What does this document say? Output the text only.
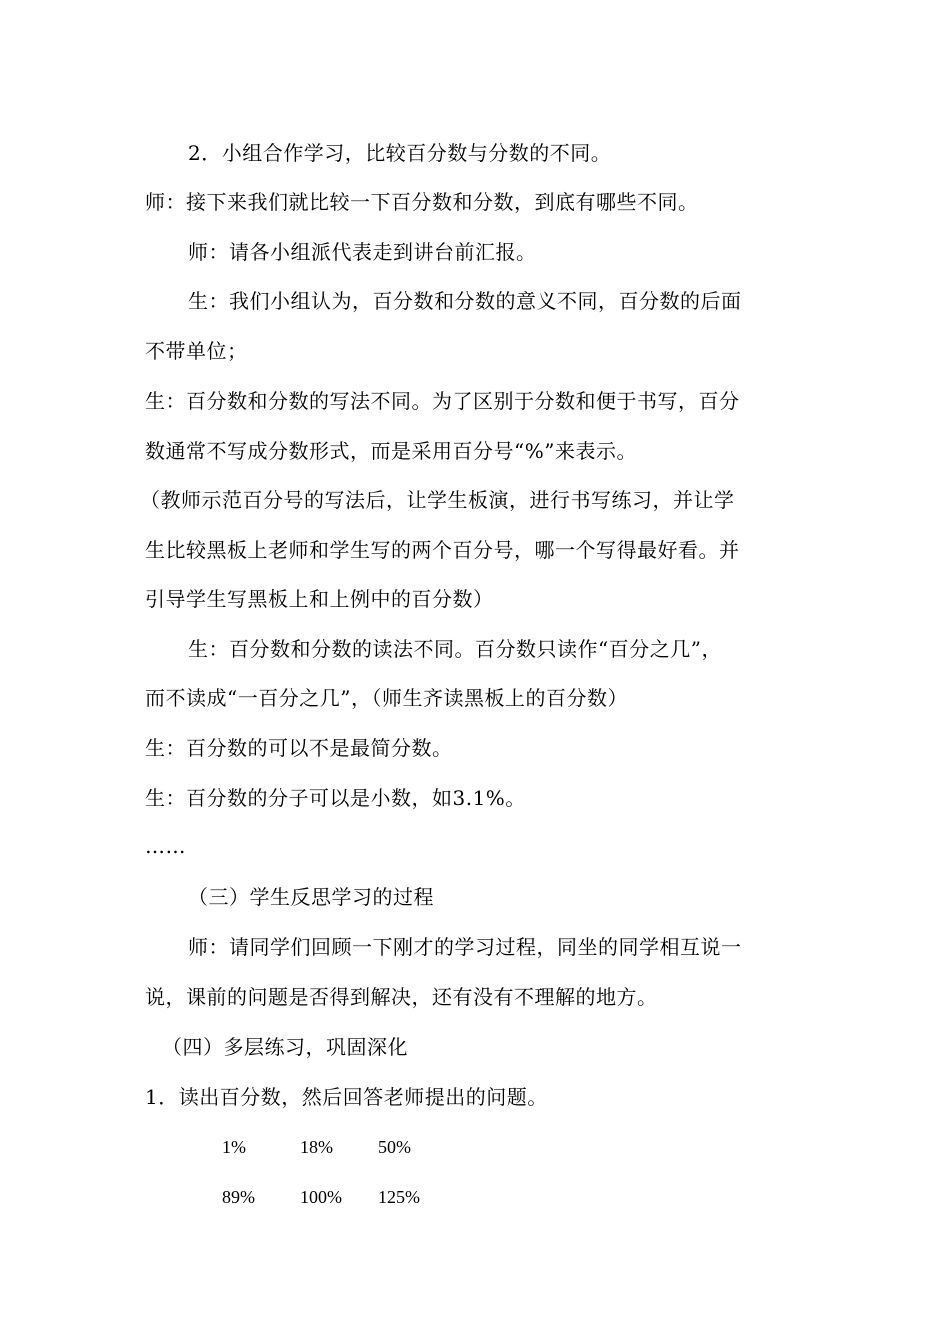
2．小组合作学习，比较百分数与分数的不同。
师：接下来我们就比较一下百分数和分数，到底有哪些不同。
师：请各小组派代表走到讲台前汇报。
生：我们小组认为，百分数和分数的意义不同，百分数的后面
不带单位；
生：百分数和分数的写法不同。为了区别于分数和便于书写，百分
数通常不写成分数形式，而是采用百分号“%”来表示。
（教师示范百分号的写法后，让学生板演，进行书写练习，并让学
生比较黑板上老师和学生写的两个百分号，哪一个写得最好看。并
引导学生写黑板上和上例中的百分数）
生：百分数和分数的读法不同。百分数只读作“百分之几”，
而不读成“一百分之几”，（师生齐读黑板上的百分数）
生：百分数的可以不是最简分数。
生：百分数的分子可以是小数，如3.1%。
……
（三）学生反思学习的过程
师：请同学们回顾一下刚才的学习过程，同坐的同学相互说一
说，课前的问题是否得到解决，还有没有不理解的地方。
（四）多层练习，巩固深化
1．读出百分数，然后回答老师提出的问题。
1%	18%	50%
89%	100% 125%
